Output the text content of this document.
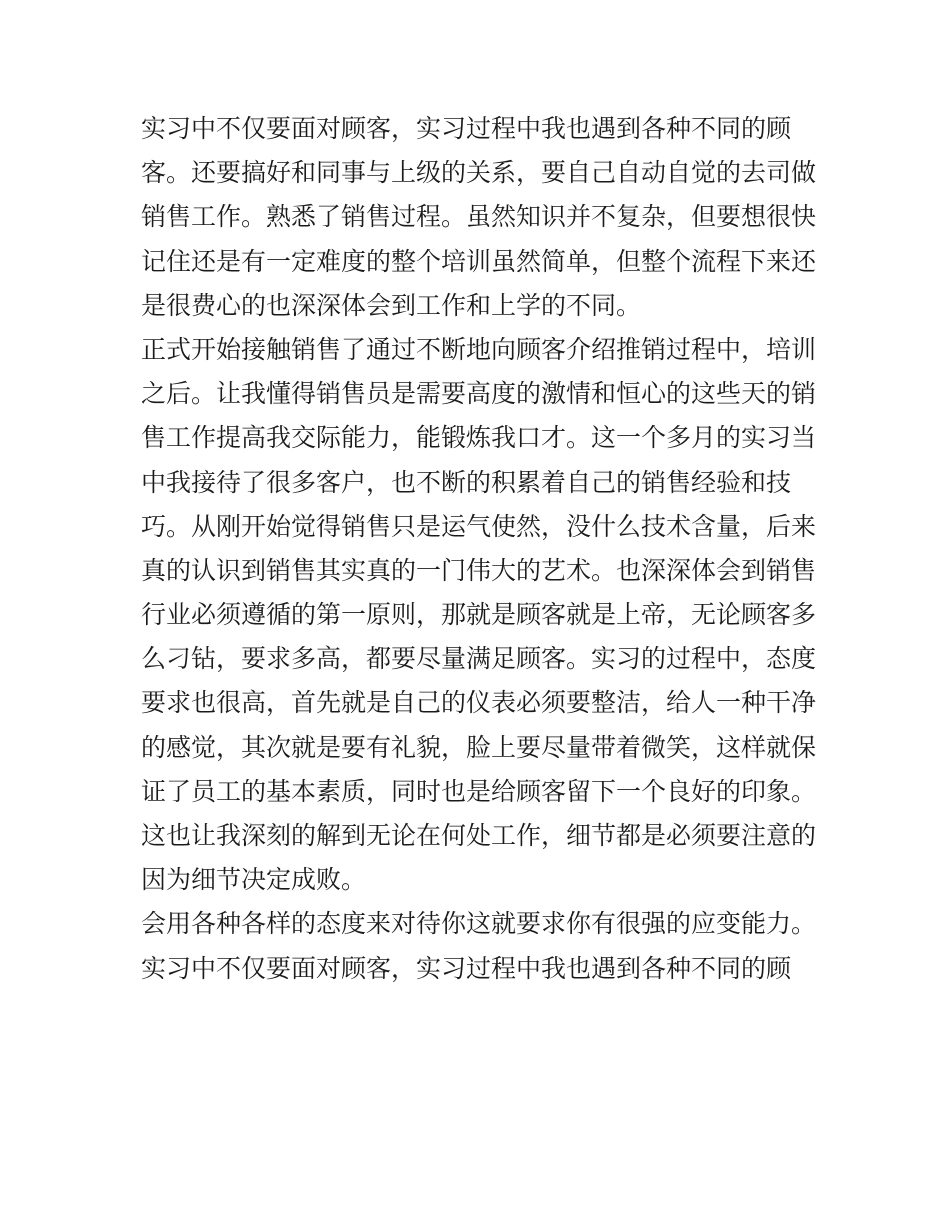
实习中不仅要面对顾客，实习过程中我也遇到各种不同的顾
客。还要搞好和同事与上级的关系，要自己自动自觉的去司做
销售工作。熟悉了销售过程。虽然知识并不复杂，但要想很快
记住还是有一定难度的整个培训虽然简单，但整个流程下来还
是很费心的也深深体会到工作和上学的不同。
正式开始接触销售了通过不断地向顾客介绍推销过程中，培训
之后。让我懂得销售员是需要高度的激情和恒心的这些天的销
售工作提高我交际能力，能锻炼我口才。这一个多月的实习当
中我接待了很多客户，也不断的积累着自己的销售经验和技
巧。从刚开始觉得销售只是运气使然，没什么技术含量，后来
真的认识到销售其实真的一门伟大的艺术。也深深体会到销售
行业必须遵循的第一原则，那就是顾客就是上帝，无论顾客多
么刁钻，要求多高，都要尽量满足顾客。实习的过程中，态度
要求也很高，首先就是自己的仪表必须要整洁，给人一种干净
的感觉，其次就是要有礼貌，脸上要尽量带着微笑，这样就保
证了员工的基本素质，同时也是给顾客留下一个良好的印象。
这也让我深刻的解到无论在何处工作，细节都是必须要注意的
因为细节决定成败。
会用各种各样的态度来对待你这就要求你有很强的应变能力。
实习中不仅要面对顾客，实习过程中我也遇到各种不同的顾
